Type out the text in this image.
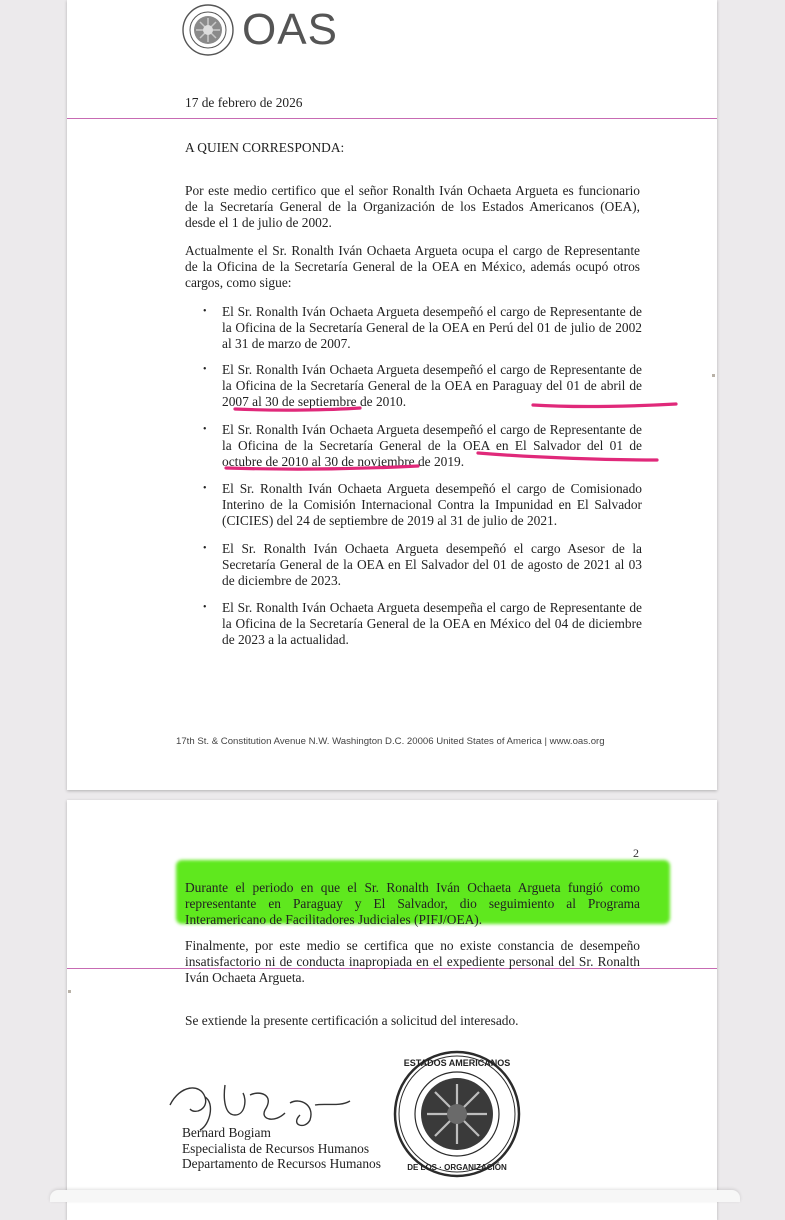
OAS
17 de febrero de 2026
A QUIEN CORRESPONDA:

Por este medio certifico que el señor Ronalth Iván Ochaeta Argueta es funcionario de la Secretaría General de la Organización de los Estados Americanos (OEA), desde el 1 de julio de 2002.

Actualmente el Sr. Ronalth Iván Ochaeta Argueta ocupa el cargo de Representante de la Oficina de la Secretaría General de la OEA en México, además ocupó otros cargos, como sigue:

• El Sr. Ronalth Iván Ochaeta Argueta desempeñó el cargo de Representante de la Oficina de la Secretaría General de la OEA en Perú del 01 de julio de 2002 al 31 de marzo de 2007.

• El Sr. Ronalth Iván Ochaeta Argueta desempeñó el cargo de Representante de la Oficina de la Secretaría General de la OEA en Paraguay del 01 de abril de 2007 al 30 de septiembre de 2010.

• El Sr. Ronalth Iván Ochaeta Argueta desempeñó el cargo de Representante de la Oficina de la Secretaría General de la OEA en El Salvador del 01 de octubre de 2010 al 30 de noviembre de 2019.

• El Sr. Ronalth Iván Ochaeta Argueta desempeñó el cargo de Comisionado Interino de la Comisión Internacional Contra la Impunidad en El Salvador (CICIES) del 24 de septiembre de 2019 al 31 de julio de 2021.

• El Sr. Ronalth Iván Ochaeta Argueta desempeñó el cargo Asesor de la Secretaría General de la OEA en El Salvador del 01 de agosto de 2021 al 03 de diciembre de 2023.

• El Sr. Ronalth Iván Ochaeta Argueta desempeña el cargo de Representante de la Oficina de la Secretaría General de la OEA en México del 04 de diciembre de 2023 a la actualidad.

17th St. & Constitution Avenue N.W. Washington D.C. 20006 United States of America | www.oas.org
2

Durante el periodo en que el Sr. Ronalth Iván Ochaeta Argueta fungió como representante en Paraguay y El Salvador, dio seguimiento al Programa Interamericano de Facilitadores Judiciales (PIFJ/OEA).

Finalmente, por este medio se certifica que no existe constancia de desempeño insatisfactorio ni de conducta inapropiada en el expediente personal del Sr. Ronalth Iván Ochaeta Argueta.

Se extiende la presente certificación a solicitud del interesado.

Bernard Bogiam
Especialista de Recursos Humanos
Departamento de Recursos Humanos
ESTADOS AMERICANOS
DE LOS · ORGANIZACIÓN
